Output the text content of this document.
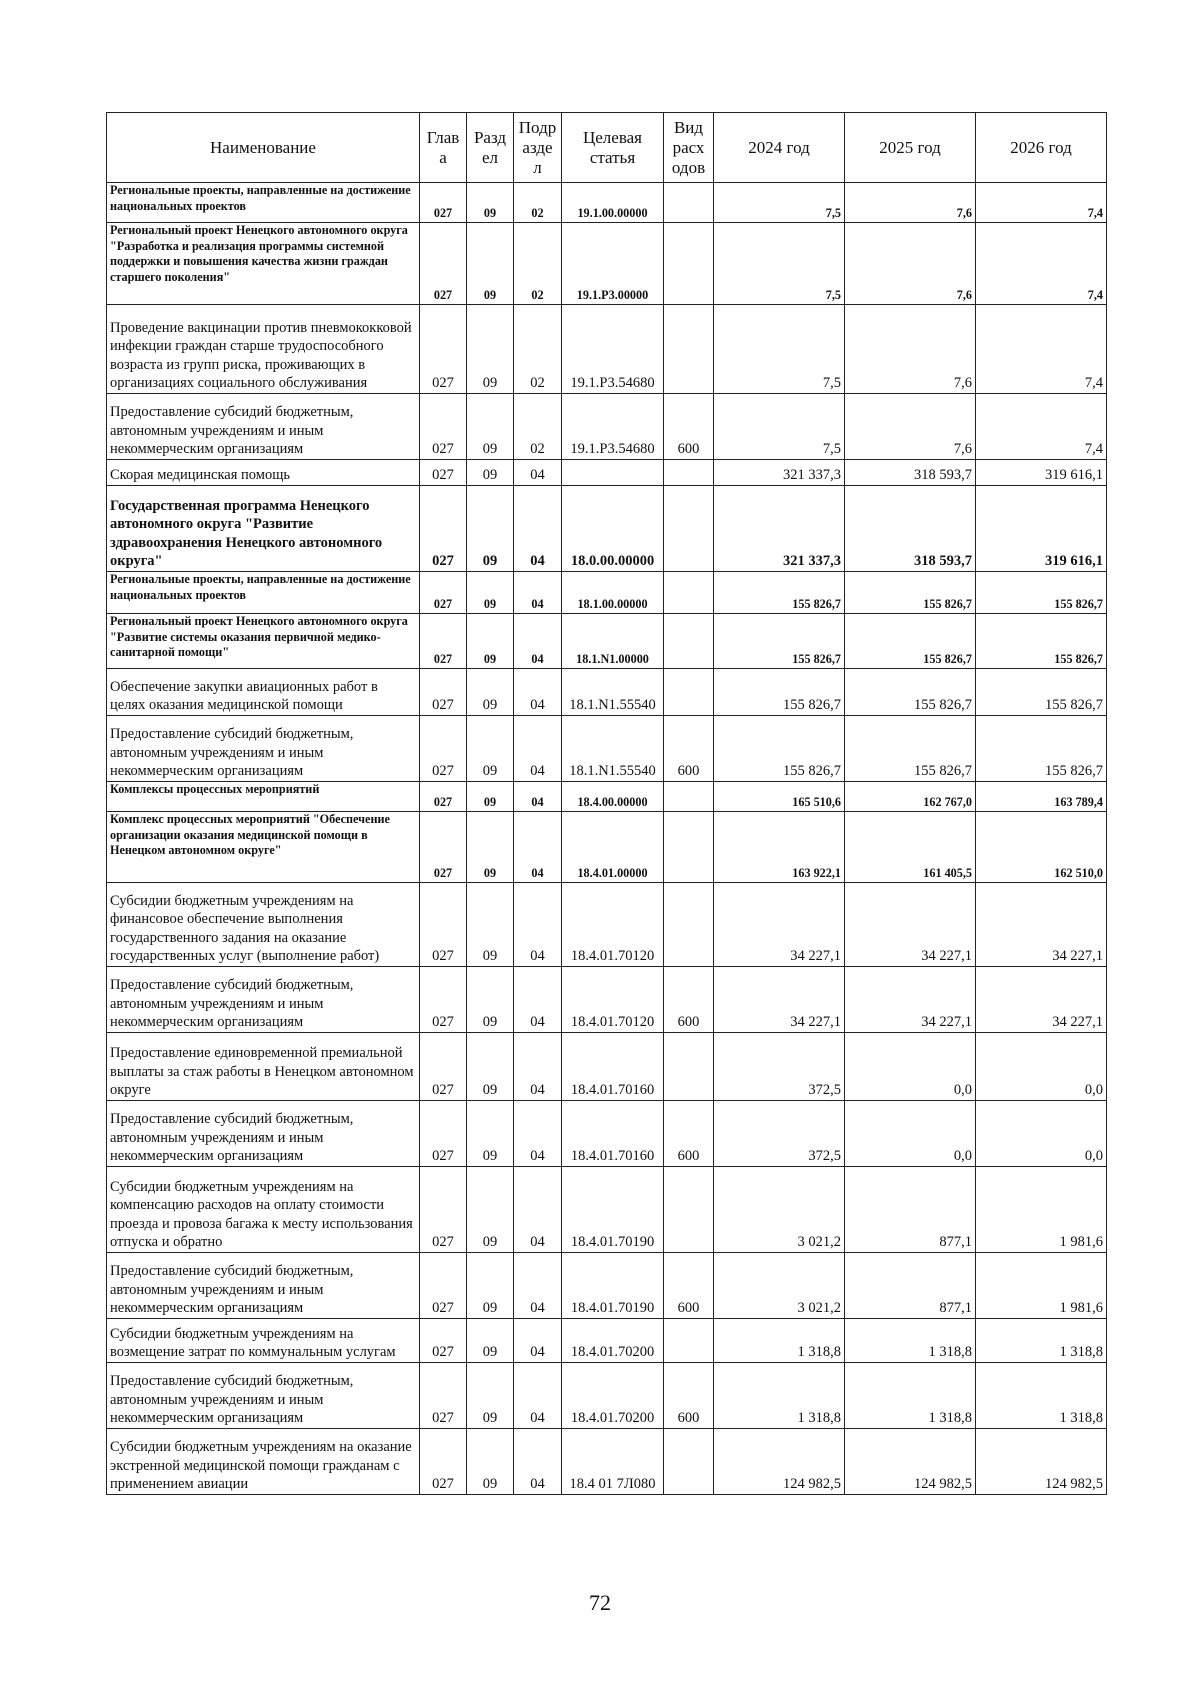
Наименование	Глав а	Разд ел	Подр азде л	Целевая статья	Вид расх одов	2024 год	2025 год	2026 год
Региональные проекты, направленные на достижение национальных проектов	027	09	02	19.1.00.00000		7,5	7,6	7,4
Региональный проект Ненецкого автономного округа "Разработка и реализация программы системной поддержки и повышения качества жизни граждан старшего поколения"	027	09	02	19.1.Р3.00000		7,5	7,6	7,4
Проведение вакцинации против пневмококковой инфекции граждан старше трудоспособного возраста из групп риска, проживающих в организациях социального обслуживания	027	09	02	19.1.Р3.54680		7,5	7,6	7,4
Предоставление субсидий бюджетным, автономным учреждениям и иным некоммерческим организациям	027	09	02	19.1.Р3.54680	600	7,5	7,6	7,4
Скорая медицинская помощь	027	09	04			321 337,3	318 593,7	319 616,1
Государственная программа Ненецкого автономного округа "Развитие здравоохранения Ненецкого автономного округа"	027	09	04	18.0.00.00000		321 337,3	318 593,7	319 616,1
Региональные проекты, направленные на достижение национальных проектов	027	09	04	18.1.00.00000		155 826,7	155 826,7	155 826,7
Региональный проект Ненецкого автономного округа "Развитие системы оказания первичной медико-санитарной помощи"	027	09	04	18.1.N1.00000		155 826,7	155 826,7	155 826,7
Обеспечение закупки авиационных работ в целях оказания медицинской помощи	027	09	04	18.1.N1.55540		155 826,7	155 826,7	155 826,7
Предоставление субсидий бюджетным, автономным учреждениям и иным некоммерческим организациям	027	09	04	18.1.N1.55540	600	155 826,7	155 826,7	155 826,7
Комплексы процессных мероприятий	027	09	04	18.4.00.00000		165 510,6	162 767,0	163 789,4
Комплекс процессных мероприятий "Обеспечение организации оказания медицинской помощи в Ненецком автономном округе"	027	09	04	18.4.01.00000		163 922,1	161 405,5	162 510,0
Субсидии бюджетным учреждениям на финансовое обеспечение выполнения государственного задания на оказание государственных услуг (выполнение работ)	027	09	04	18.4.01.70120		34 227,1	34 227,1	34 227,1
Предоставление субсидий бюджетным, автономным учреждениям и иным некоммерческим организациям	027	09	04	18.4.01.70120	600	34 227,1	34 227,1	34 227,1
Предоставление единовременной премиальной выплаты за стаж работы в Ненецком автономном округе	027	09	04	18.4.01.70160		372,5	0,0	0,0
Предоставление субсидий бюджетным, автономным учреждениям и иным некоммерческим организациям	027	09	04	18.4.01.70160	600	372,5	0,0	0,0
Субсидии бюджетным учреждениям на компенсацию расходов на оплату стоимости проезда и провоза багажа к месту использования отпуска и обратно	027	09	04	18.4.01.70190		3 021,2	877,1	1 981,6
Предоставление субсидий бюджетным, автономным учреждениям и иным некоммерческим организациям	027	09	04	18.4.01.70190	600	3 021,2	877,1	1 981,6
Субсидии бюджетным учреждениям на возмещение затрат по коммунальным услугам	027	09	04	18.4.01.70200		1 318,8	1 318,8	1 318,8
Предоставление субсидий бюджетным, автономным учреждениям и иным некоммерческим организациям	027	09	04	18.4.01.70200	600	1 318,8	1 318,8	1 318,8
Субсидии бюджетным учреждениям на оказание экстренной медицинской помощи гражданам с применением авиации	027	09	04	18.4 01 7Л080		124 982,5	124 982,5	124 982,5
72
